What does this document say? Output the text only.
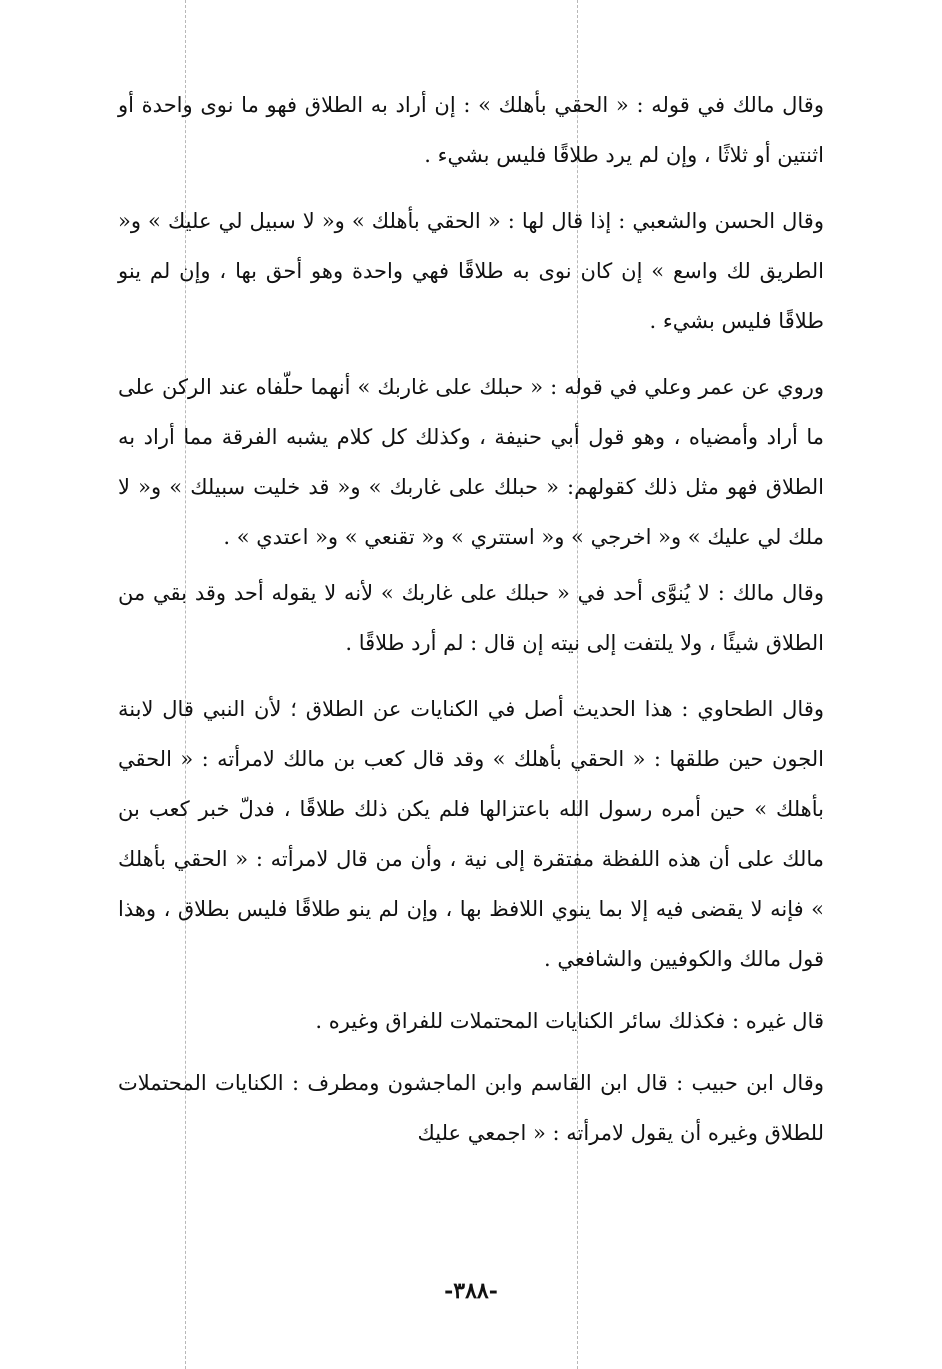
وقال مالك في قوله : « الحقي بأهلك » : إن أراد به الطلاق فهو ما نوى واحدة أو اثنتين أو ثلاثًا ، وإن لم يرد طلاقًا فليس بشيء .

وقال الحسن والشعبي : إذا قال لها : « الحقي بأهلك » و« لا سبيل لي عليك » و« الطريق لك واسع » إن كان نوى به طلاقًا فهي واحدة وهو أحق بها ، وإن لم ينو طلاقًا فليس بشيء .

وروي عن عمر وعلي في قوله : « حبلك على غاربك » أنهما حلّفاه عند الركن على ما أراد وأمضياه ، وهو قول أبي حنيفة ، وكذلك كل كلام يشبه الفرقة مما أراد به الطلاق فهو مثل ذلك كقولهم: « حبلك على غاربك » و« قد خليت سبيلك » و« لا ملك لي عليك » و« اخرجي » و« استتري » و« تقنعي » و« اعتدي » .

وقال مالك : لا يُنوَّى أحد في « حبلك على غاربك » لأنه لا يقوله أحد وقد بقي من الطلاق شيئًا ، ولا يلتفت إلى نيته إن قال : لم أرد طلاقًا .

وقال الطحاوي : هذا الحديث أصل في الكنايات عن الطلاق ؛ لأن النبي قال لابنة الجون حين طلقها : « الحقي بأهلك » وقد قال كعب بن مالك لامرأته : « الحقي بأهلك » حين أمره رسول الله باعتزالها فلم يكن ذلك طلاقًا ، فدلّ خبر كعب بن مالك على أن هذه اللفظة مفتقرة إلى نية ، وأن من قال لامرأته : « الحقي بأهلك » فإنه لا يقضى فيه إلا بما ينوي اللافظ بها ، وإن لم ينو طلاقًا فليس بطلاق ، وهذا قول مالك والكوفيين والشافعي .

قال غيره : فكذلك سائر الكنايات المحتملات للفراق وغيره .

وقال ابن حبيب : قال ابن القاسم وابن الماجشون ومطرف : الكنايات المحتملات للطلاق وغيره أن يقول لامرأته : « اجمعي عليك

-٣٨٨-
